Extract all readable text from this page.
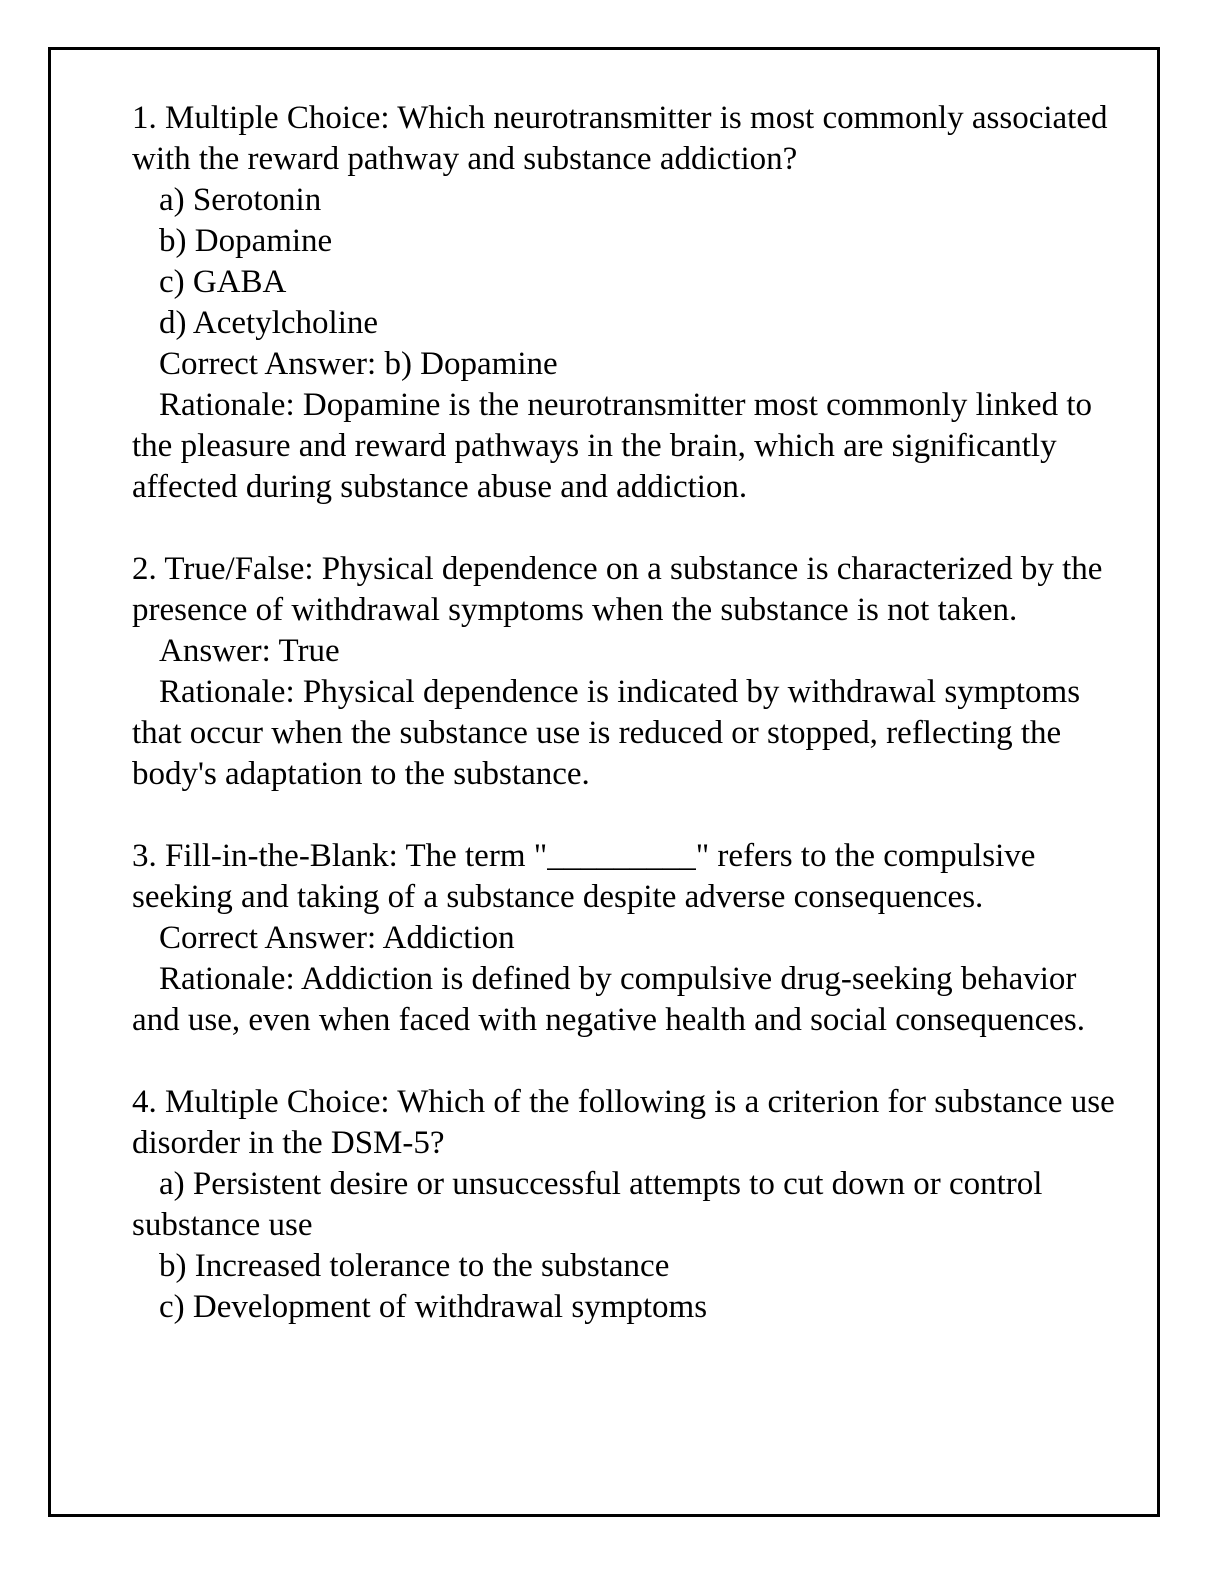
1. Multiple Choice: Which neurotransmitter is most commonly associated with the reward pathway and substance addiction?

a) Serotonin

b) Dopamine

c) GABA

d) Acetylcholine

Correct Answer: b) Dopamine

Rationale: Dopamine is the neurotransmitter most commonly linked to the pleasure and reward pathways in the brain, which are significantly affected during substance abuse and addiction.

2. True/False: Physical dependence on a substance is characterized by the presence of withdrawal symptoms when the substance is not taken.

Answer: True

Rationale: Physical dependence is indicated by withdrawal symptoms that occur when the substance use is reduced or stopped, reflecting the body's adaptation to the substance.

3. Fill-in-the-Blank: The term "_________" refers to the compulsive seeking and taking of a substance despite adverse consequences.

Correct Answer: Addiction

Rationale: Addiction is defined by compulsive drug-seeking behavior and use, even when faced with negative health and social consequences.

4. Multiple Choice: Which of the following is a criterion for substance use disorder in the DSM-5?

a) Persistent desire or unsuccessful attempts to cut down or control substance use

b) Increased tolerance to the substance

c) Development of withdrawal symptoms
